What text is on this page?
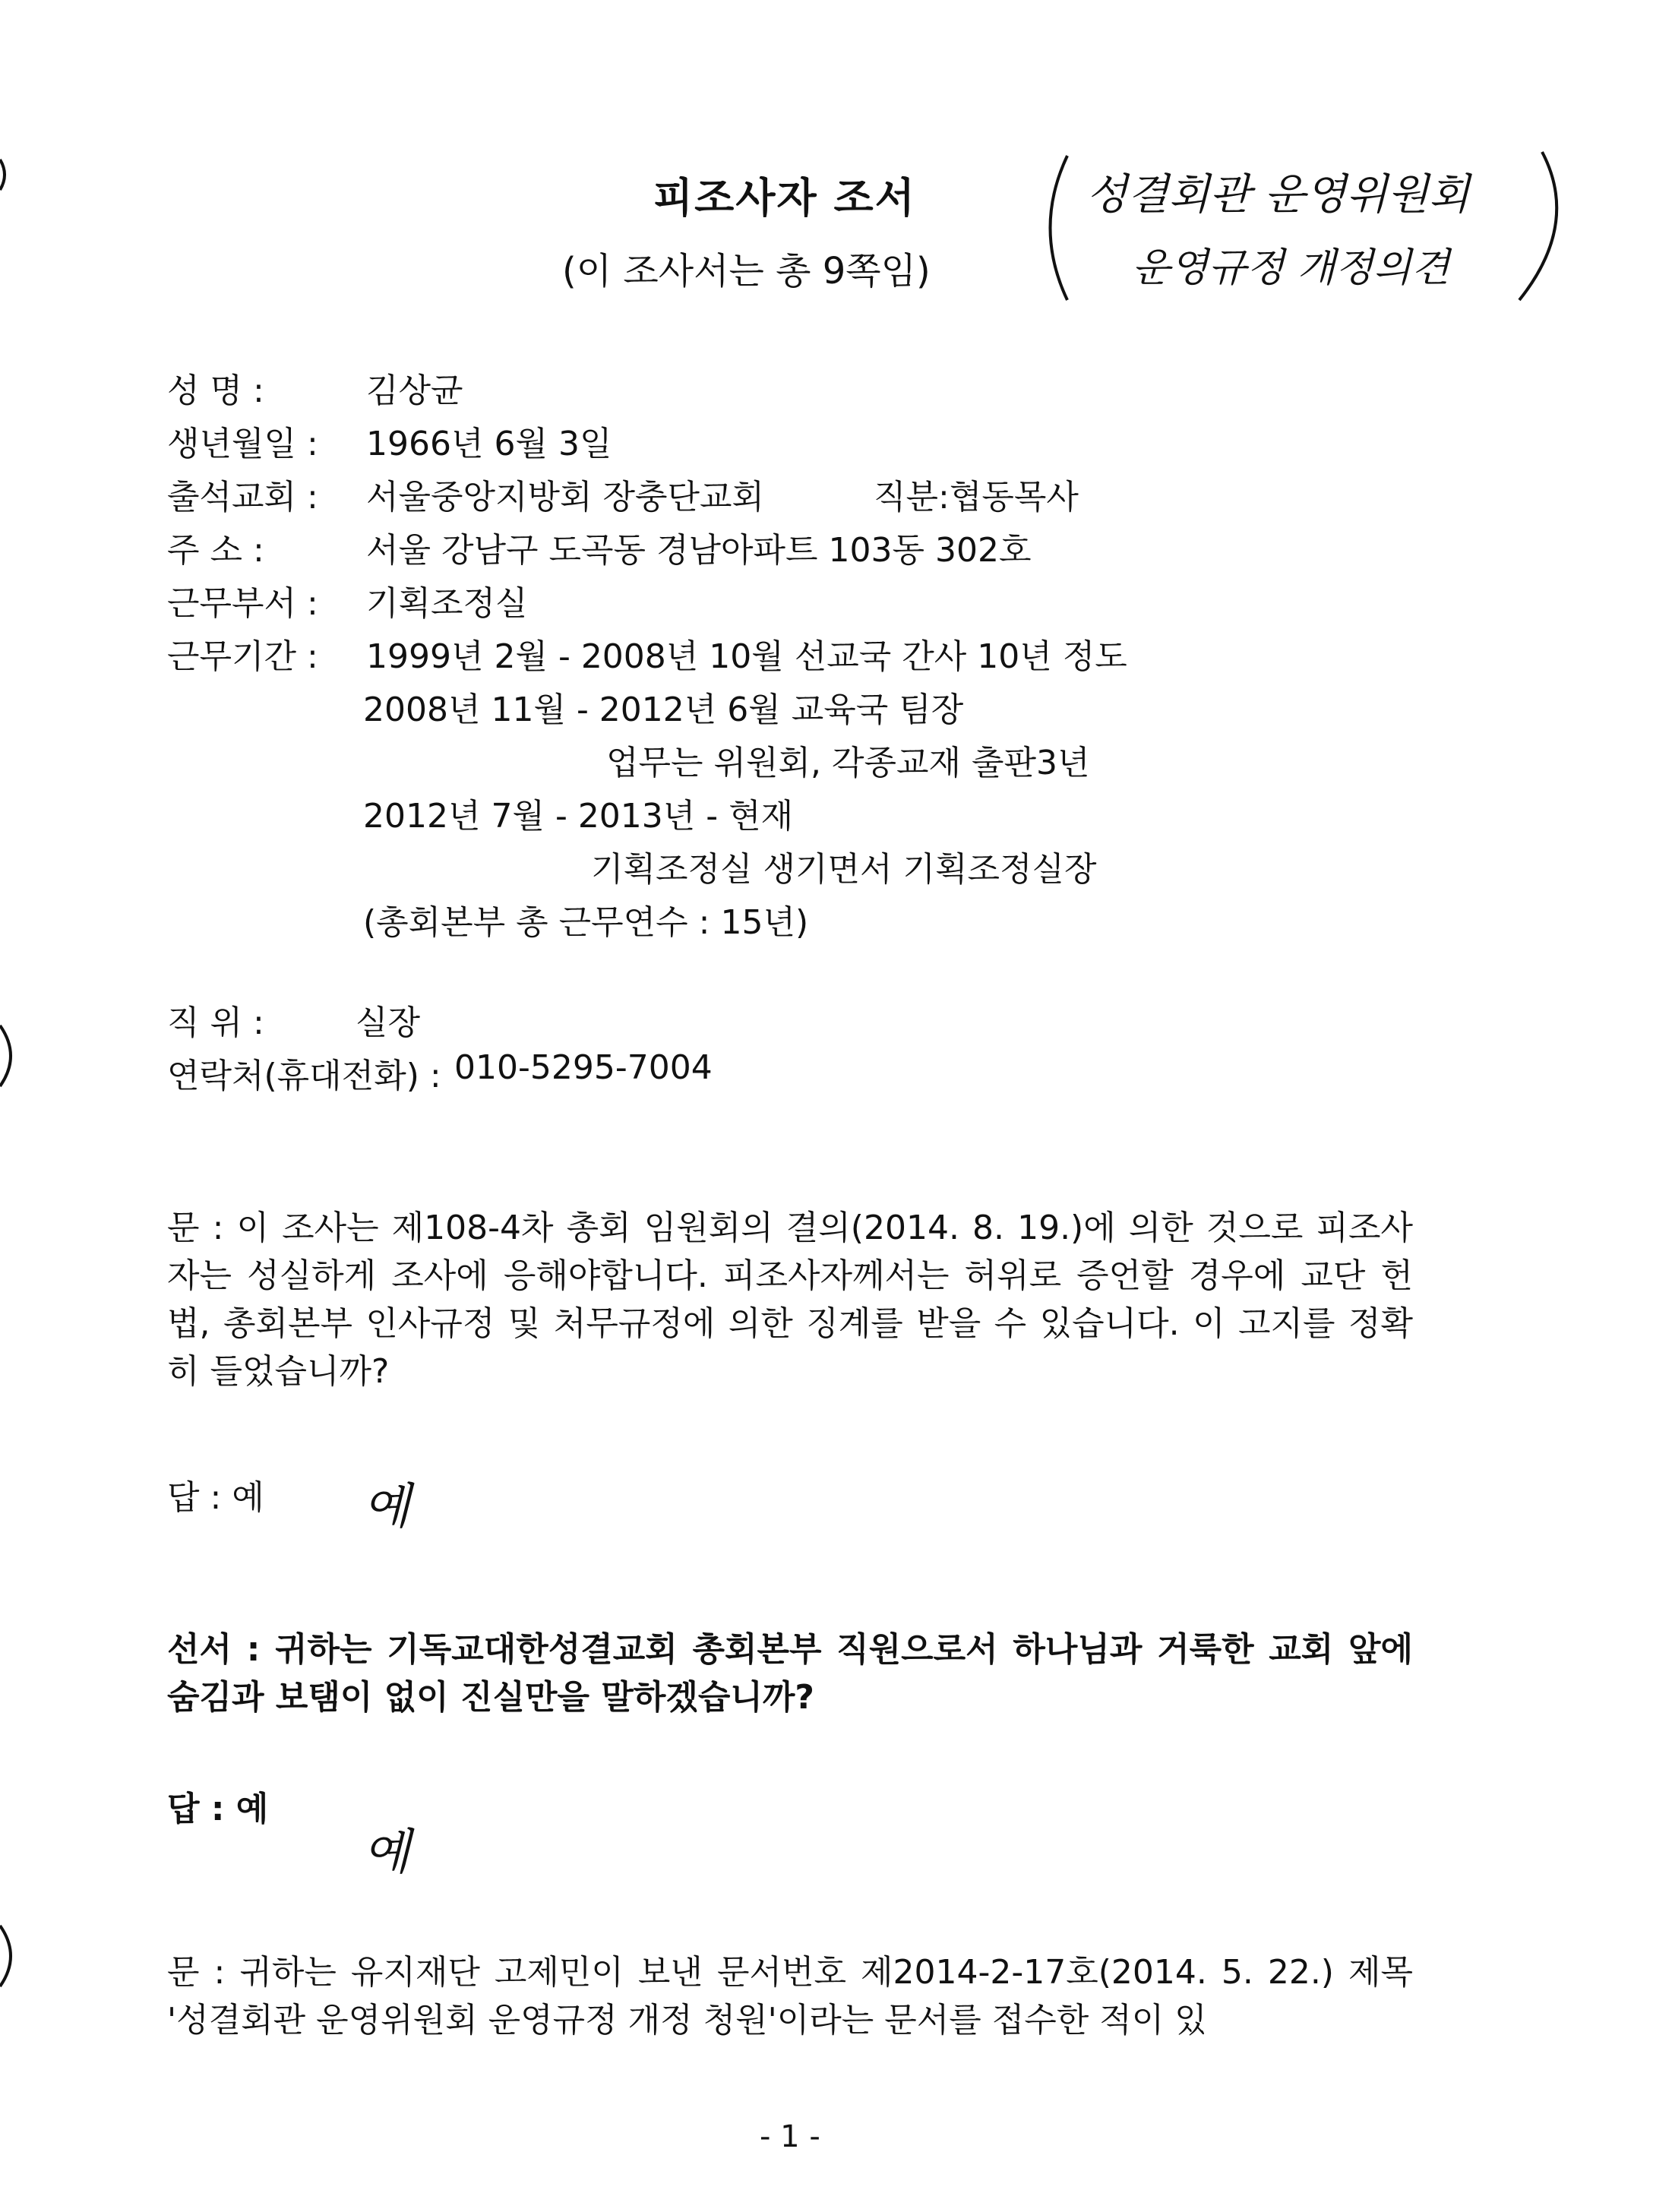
피조사자 조서
(이 조사서는 총 9쪽임)
성결회관 운영위원회
운영규정 개정의견
성 명 :	김상균
생년월일 : 1966년 6월 3일
출석교회 : 서울중앙지방회 장충단교회	직분:협동목사
주 소 :	서울 강남구 도곡동 경남아파트 103동 302호
근무부서 : 기획조정실
근무기간 : 1999년 2월 - 2008년 10월 선교국 간사 10년 정도
2008년 11월 - 2012년 6월 교육국 팀장
업무는 위원회, 각종교재 출판3년
2012년 7월 - 2013년 - 현재
기획조정실 생기면서 기획조정실장
(총회본부 총 근무연수 : 15년)
직 위 :	실장
연락처(휴대전화) : 010-5295-7004
문 : 이 조사는 제108-4차 총회 임원회의 결의(2014. 8. 19.)에 의한 것으로 피조사자는 성실하게 조사에 응해야합니다. 피조사자께서는 허위로 증언할 경우에 교단 헌법, 총회본부 인사규정 및 처무규정에 의한 징계를 받을 수 있습니다. 이 고지를 정확히 들었습니까?
답 : 예 예
선서 : 귀하는 기독교대한성결교회 총회본부 직원으로서 하나님과 거룩한 교회 앞에 숨김과 보탬이 없이 진실만을 말하겠습니까?
답 : 예
예
문 : 귀하는 유지재단 고제민이 보낸 문서번호 제2014-2-17호(2014. 5. 22.) 제목 '성결회관 운영위원회 운영규정 개정 청원'이라는 문서를 접수한 적이 있
- 1 -
